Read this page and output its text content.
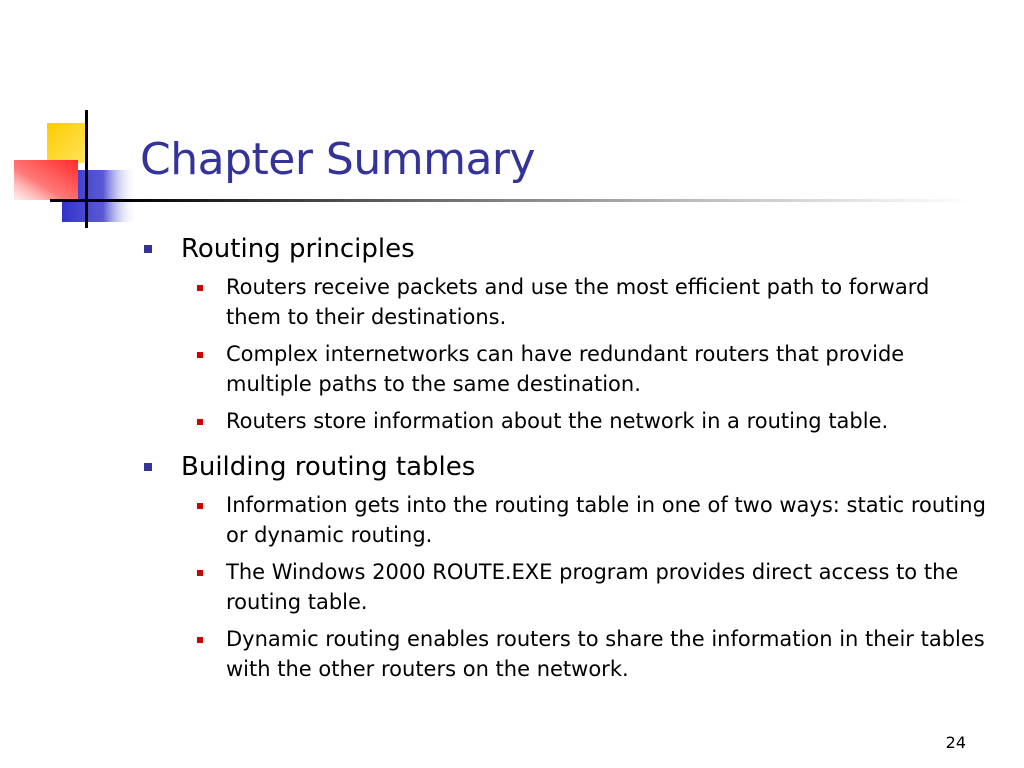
Chapter Summary
Routing principles
Routers receive packets and use the most efficient path to forward them to their destinations.
Complex internetworks can have redundant routers that provide multiple paths to the same destination.
Routers store information about the network in a routing table.
Building routing tables
Information gets into the routing table in one of two ways: static routing or dynamic routing.
The Windows 2000 ROUTE.EXE program provides direct access to the routing table.
Dynamic routing enables routers to share the information in their tables with the other routers on the network.
24
